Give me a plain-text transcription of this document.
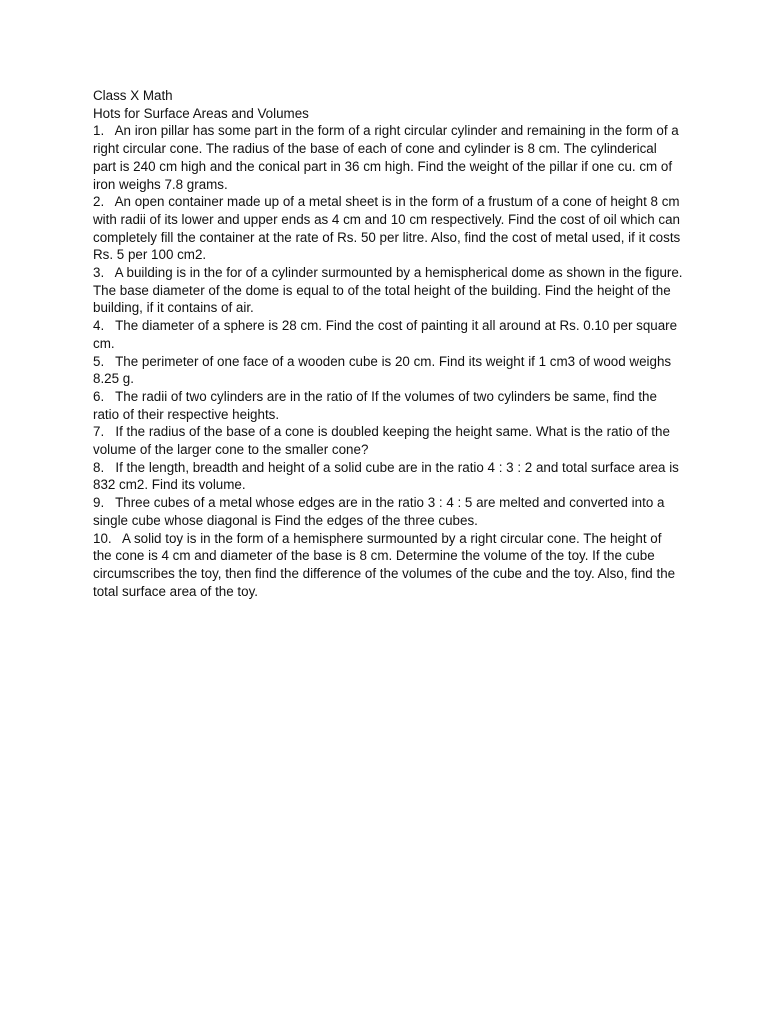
Class X Math

Hots for Surface Areas and Volumes

1. An iron pillar has some part in the form of a right circular cylinder and remaining in the form of a right circular cone. The radius of the base of each of cone and cylinder is 8 cm. The cylinderical part is 240 cm high and the conical part in 36 cm high. Find the weight of the pillar if one cu. cm of iron weighs 7.8 grams.

2. An open container made up of a metal sheet is in the form of a frustum of a cone of height 8 cm with radii of its lower and upper ends as 4 cm and 10 cm respectively. Find the cost of oil which can completely fill the container at the rate of Rs. 50 per litre. Also, find the cost of metal used, if it costs Rs. 5 per 100 cm2.

3. A building is in the for of a cylinder surmounted by a hemispherical dome as shown in the figure. The base diameter of the dome is equal to of the total height of the building. Find the height of the building, if it contains of air.

4. The diameter of a sphere is 28 cm. Find the cost of painting it all around at Rs. 0.10 per square cm.

5. The perimeter of one face of a wooden cube is 20 cm. Find its weight if 1 cm3 of wood weighs 8.25 g.

6. The radii of two cylinders are in the ratio of If the volumes of two cylinders be same, find the ratio of their respective heights.

7. If the radius of the base of a cone is doubled keeping the height same. What is the ratio of the volume of the larger cone to the smaller cone?

8. If the length, breadth and height of a solid cube are in the ratio 4 : 3 : 2 and total surface area is 832 cm2. Find its volume.

9. Three cubes of a metal whose edges are in the ratio 3 : 4 : 5 are melted and converted into a single cube whose diagonal is Find the edges of the three cubes.

10. A solid toy is in the form of a hemisphere surmounted by a right circular cone. The height of the cone is 4 cm and diameter of the base is 8 cm. Determine the volume of the toy. If the cube circumscribes the toy, then find the difference of the volumes of the cube and the toy. Also, find the total surface area of the toy.
